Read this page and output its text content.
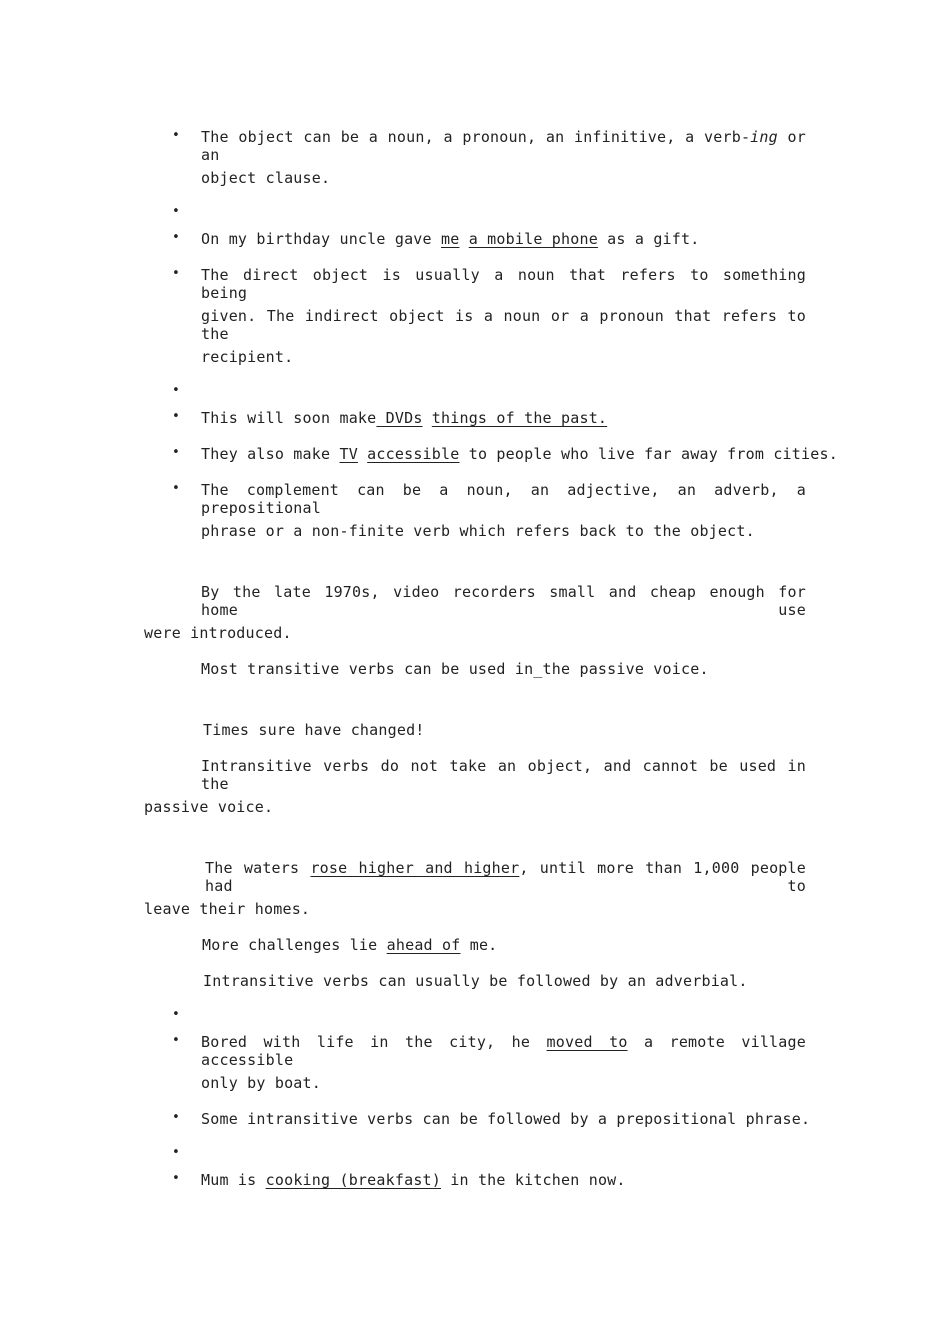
• The object can be a noun, a pronoun, an infinitive, a verb-ing or an
object clause.
•
• On my birthday uncle gave me a mobile phone as a gift.
• The direct object is usually a noun that refers to something being
given. The indirect object is a noun or a pronoun that refers to the
recipient.
•
• This will soon make DVDs things of the past.
• They also make TV accessible to people who live far away from cities.
• The complement can be a noun, an adjective, an adverb, a prepositional
phrase or a non-finite verb which refers back to the object.
By the late 1970s, video recorders small and cheap enough for home use
were introduced.
Most transitive verbs can be used in_the passive voice.
Times sure have changed!
Intransitive verbs do not take an object, and cannot be used in the
passive voice.
The waters rose higher and higher, until more than 1,000 people had to
leave their homes.
More challenges lie ahead of me.
Intransitive verbs can usually be followed by an adverbial.
•
• Bored with life in the city, he moved to a remote village accessible
only by boat.
• Some intransitive verbs can be followed by a prepositional phrase.
•
• Mum is cooking (breakfast) in the kitchen now.
